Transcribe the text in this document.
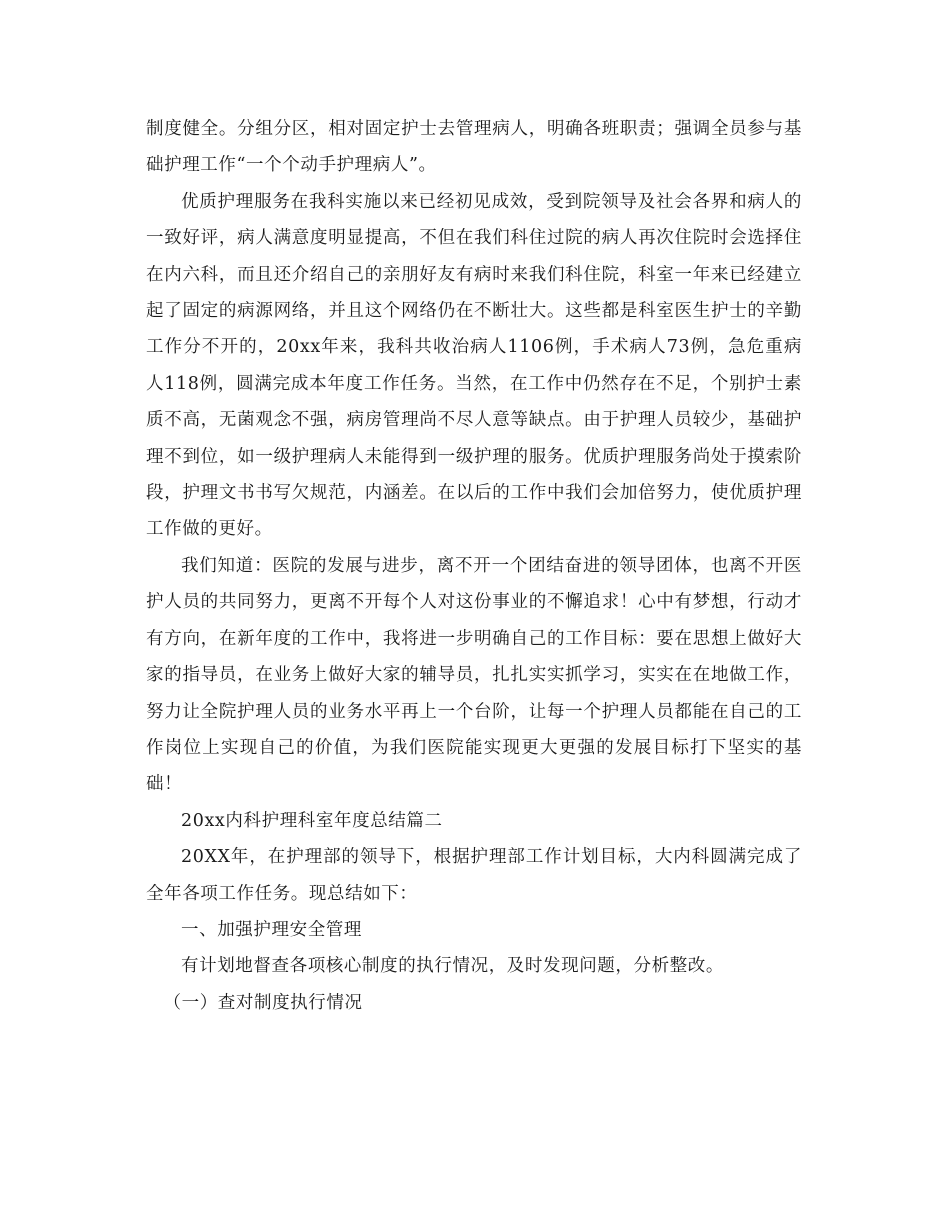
制度健全。分组分区，相对固定护士去管理病人，明确各班职责；强调全员参与基础护理工作“一个个动手护理病人”。

优质护理服务在我科实施以来已经初见成效，受到院领导及社会各界和病人的一致好评，病人满意度明显提高，不但在我们科住过院的病人再次住院时会选择住在内六科，而且还介绍自己的亲朋好友有病时来我们科住院，科室一年来已经建立起了固定的病源网络，并且这个网络仍在不断壮大。这些都是科室医生护士的辛勤工作分不开的，20xx年来，我科共收治病人1106例，手术病人73例，急危重病人118例，圆满完成本年度工作任务。当然，在工作中仍然存在不足，个别护士素质不高，无菌观念不强，病房管理尚不尽人意等缺点。由于护理人员较少，基础护理不到位，如一级护理病人未能得到一级护理的服务。优质护理服务尚处于摸索阶段，护理文书书写欠规范，内涵差。在以后的工作中我们会加倍努力，使优质护理工作做的更好。

我们知道：医院的发展与进步，离不开一个团结奋进的领导团体，也离不开医护人员的共同努力，更离不开每个人对这份事业的不懈追求！心中有梦想，行动才有方向，在新年度的工作中，我将进一步明确自己的工作目标：要在思想上做好大家的指导员，在业务上做好大家的辅导员，扎扎实实抓学习，实实在在地做工作，努力让全院护理人员的业务水平再上一个台阶，让每一个护理人员都能在自己的工作岗位上实现自己的价值，为我们医院能实现更大更强的发展目标打下坚实的基础！

20xx内科护理科室年度总结篇二

20XX年，在护理部的领导下，根据护理部工作计划目标，大内科圆满完成了全年各项工作任务。现总结如下：

一、加强护理安全管理

有计划地督查各项核心制度的执行情况，及时发现问题，分析整改。

（一）查对制度执行情况
